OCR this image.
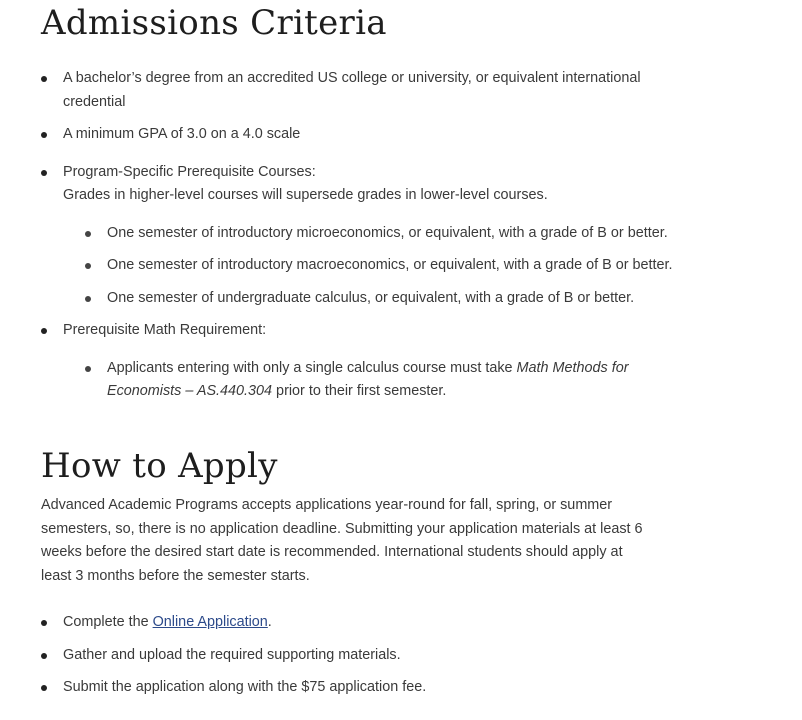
Admissions Criteria
A bachelor’s degree from an accredited US college or university, or equivalent international credential
A minimum GPA of 3.0 on a 4.0 scale
Program-Specific Prerequisite Courses:
Grades in higher-level courses will supersede grades in lower-level courses.
One semester of introductory microeconomics, or equivalent, with a grade of B or better.
One semester of introductory macroeconomics, or equivalent, with a grade of B or better.
One semester of undergraduate calculus, or equivalent, with a grade of B or better.
Prerequisite Math Requirement:
Applicants entering with only a single calculus course must take Math Methods for Economists – AS.440.304 prior to their first semester.
How to Apply

Advanced Academic Programs accepts applications year-round for fall, spring, or summer semesters, so, there is no application deadline. Submitting your application materials at least 6 weeks before the desired start date is recommended. International students should apply at least 3 months before the semester starts.

Complete the Online Application.
Gather and upload the required supporting materials.
Submit the application along with the $75 application fee.
